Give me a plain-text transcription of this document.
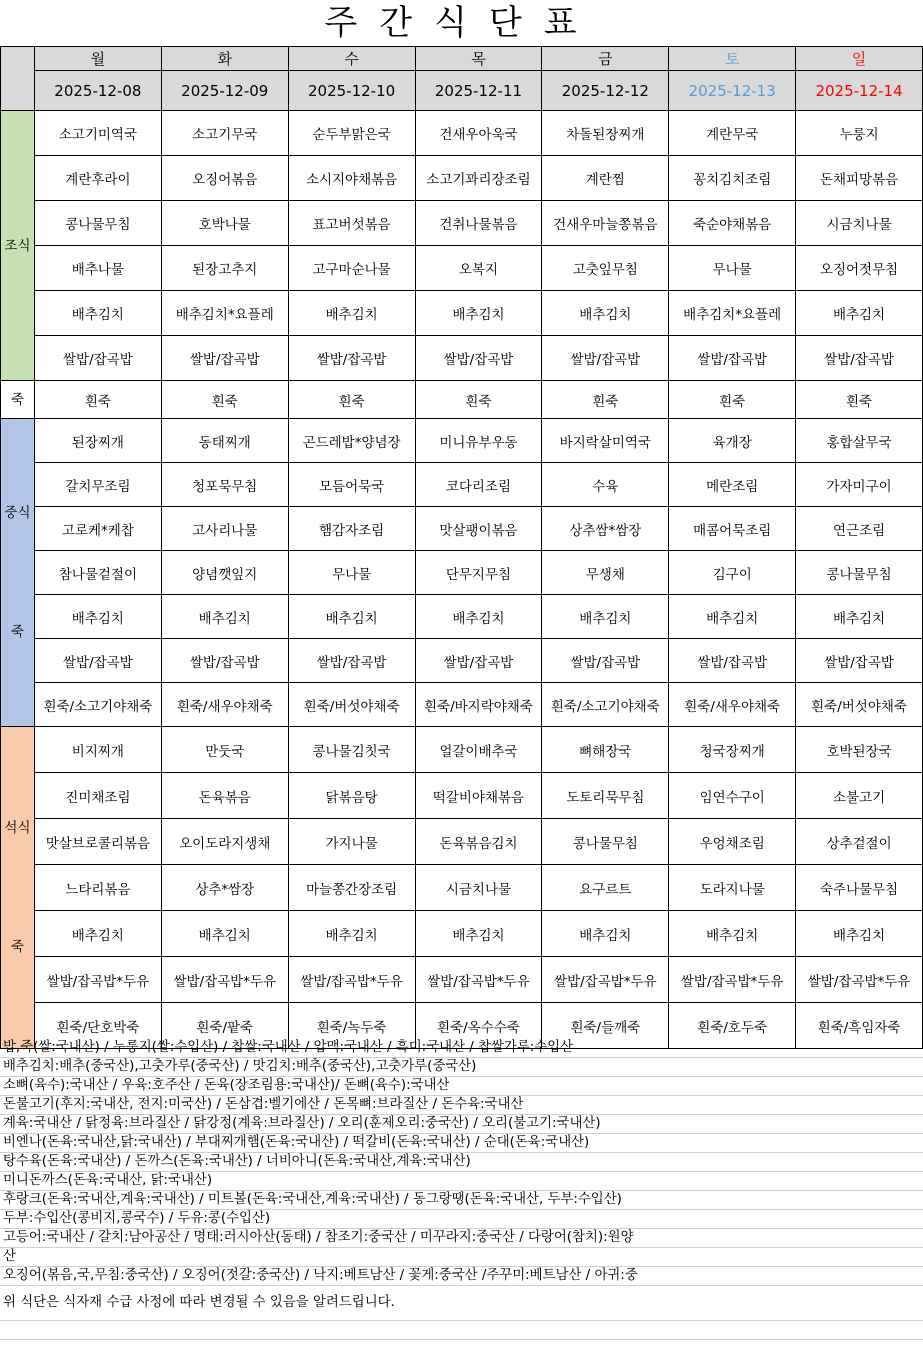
주간식단표
	월	화	수	목	금	토	일
	2025-12-08	2025-12-09	2025-12-10	2025-12-11	2025-12-12	2025-12-13	2025-12-14

조식	소고기미역국	소고기무국	순두부맑은국	건새우아욱국	차돌된장찌개	계란무국	누룽지
	계란후라이	오징어볶음	소시지야채볶음	소고기꽈리장조림	계란찜	꽁치김치조림	돈채피망볶음
	콩나물무침	호박나물	표고버섯볶음	건취나물볶음	건새우마늘쫑볶음	죽순야채볶음	시금치나물
	배추나물	된장고추지	고구마순나물	오복지	고춧잎무침	무나물	오징어젓무침
	배추김치	배추김치*요플레	배추김치	배추김치	배추김치	배추김치*요플레	배추김치
	쌀밥/잡곡밥	쌀밥/잡곡밥	쌀밥/잡곡밥	쌀밥/잡곡밥	쌀밥/잡곡밥	쌀밥/잡곡밥	쌀밥/잡곡밥

죽	흰죽	흰죽	흰죽	흰죽	흰죽	흰죽	흰죽

중식
죽	된장찌개	동태찌개	곤드레밥*양념장	미니유부우동	바지락살미역국	육개장	홍합살무국
	갈치무조림	청포묵무침	모듬어묵국	코다리조림	수육	메란조림	가자미구이
	고로케*케찹	고사리나물	햄감자조림	맛살팽이볶음	상추쌈*쌈장	매콤어묵조림	연근조림
	참나물겉절이	양념깻잎지	무나물	단무지무침	무생채	김구이	콩나물무침
	배추김치	배추김치	배추김치	배추김치	배추김치	배추김치	배추김치
	쌀밥/잡곡밥	쌀밥/잡곡밥	쌀밥/잡곡밥	쌀밥/잡곡밥	쌀밥/잡곡밥	쌀밥/잡곡밥	쌀밥/잡곡밥
	흰죽/소고기야채죽	흰죽/새우야채죽	흰죽/버섯야채죽	흰죽/바지락야채죽	흰죽/소고기야채죽	흰죽/새우야채죽	흰죽/버섯야채죽

석식
죽	비지찌개	만둣국	콩나물김칫국	얼갈이배추국	뼈해장국	청국장찌개	호박된장국
	진미채조림	돈육볶음	닭볶음탕	떡갈비야채볶음	도토리묵무침	임연수구이	소불고기
	맛살브로콜리볶음	오이도라지생채	가지나물	돈육볶음김치	콩나물무침	우엉채조림	상추겉절이
	느타리볶음	상추*쌈장	마늘쫑간장조림	시금치나물	요구르트	도라지나물	숙주나물무침
	배추김치	배추김치	배추김치	배추김치	배추김치	배추김치	배추김치
	쌀밥/잡곡밥*두유	쌀밥/잡곡밥*두유	쌀밥/잡곡밥*두유	쌀밥/잡곡밥*두유	쌀밥/잡곡밥*두유	쌀밥/잡곡밥*두유	쌀밥/잡곡밥*두유
	흰죽/단호박죽	흰죽/팥죽	흰죽/녹두죽	흰죽/옥수수죽	흰죽/들깨죽	흰죽/호두죽	흰죽/흑임자죽
밥,죽(쌀:국내산) / 누룽지(쌀:수입산) / 찹쌀:국내산 / 압맥:국내산 / 흑미:국내산 / 찹쌀가루:수입산
배추김치:배추(중국산),고춧가루(중국산) / 맛김치:배추(중국산),고춧가루(중국산)
소뼈(육수):국내산 / 우육:호주산 / 돈육(장조림용:국내산)/ 돈뼈(육수):국내산
돈불고기(후지:국내산, 전지:미국산) / 돈삼겹:벨기에산 / 돈목뼈:브라질산 / 돈수육:국내산
계육:국내산 / 닭정육:브라질산 / 닭강정(계육:브라질산) / 오리(훈제오리:중국산) / 오리(불고기:국내산)
비엔나(돈육:국내산,닭:국내산) / 부대찌개햄(돈육:국내산) / 떡갈비(돈육:국내산) / 순대(돈육:국내산)
탕수육(돈육:국내산) / 돈까스(돈육:국내산) / 너비아니(돈육:국내산,계육:국내산)
미니돈까스(돈육:국내산, 닭:국내산)
후랑크(돈육:국내산,계육:국내산) / 미트볼(돈육:국내산,계육:국내산) / 동그랑땡(돈육:국내산, 두부:수입산)
두부:수입산(콩비지,콩국수) / 두유:콩(수입산)
고등어:국내산 / 갈치:남아공산 / 명태:러시아산(동태) / 참조기:중국산 / 미꾸라지:중국산 / 다랑어(참치):원양
산
오징어(볶음,국,무침:중국산) / 오징어(젓갈:중국산) / 낙지:베트남산 / 꽃게:중국산 /주꾸미:베트남산 / 아귀:중
위 식단은 식자재 수급 사정에 따라 변경될 수 있음을 알려드립니다.
